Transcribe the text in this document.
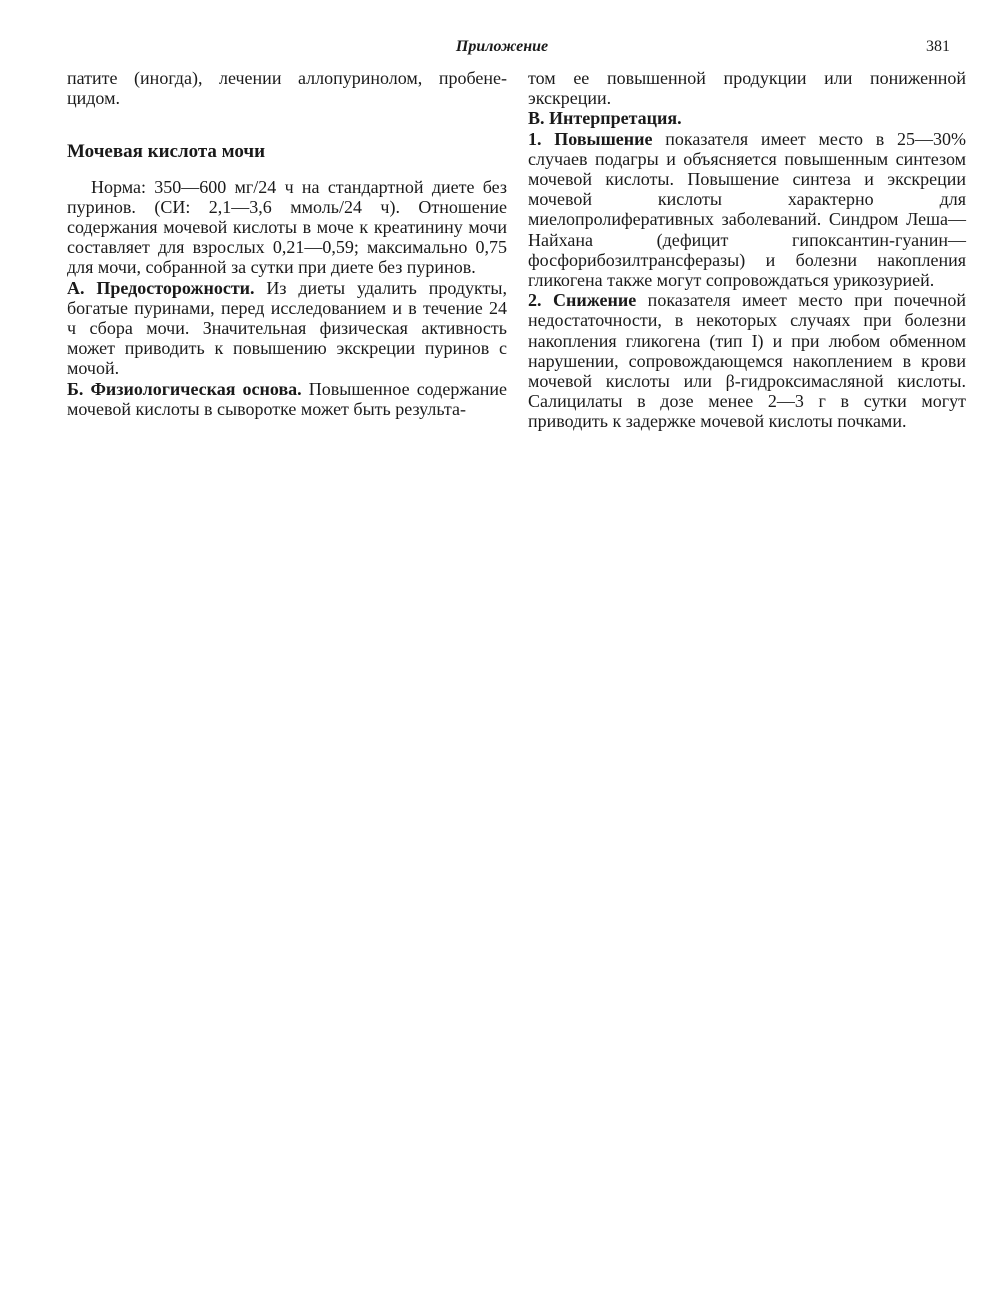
Приложение	381

патите (иногда), лечении аллопуринолом, пробене-цидом.

Мочевая кислота мочи

Норма: 350—600 мг/24 ч на стандартной диете без пуринов. (СИ: 2,1—3,6 ммоль/24 ч). Отношение содержания мочевой кислоты в моче к креатинину мочи составляет для взрослых 0,21—0,59; максимально 0,75 для мочи, собранной за сутки при диете без пуринов.

А. Предосторожности. Из диеты удалить продукты, богатые пуринами, перед исследованием и в течение 24 ч сбора мочи. Значительная физическая активность может приводить к повышению экскреции пуринов с мочой.

Б. Физиологическая основа. Повышенное содержание мочевой кислоты в сыворотке может быть результа-

том ее повышенной продукции или пониженной экскреции.

В. Интерпретация.

1. Повышение показателя имеет место в 25—30% случаев подагры и объясняется повышенным синтезом мочевой кислоты. Повышение синтеза и экскреции мочевой кислоты характерно для миелопролиферативных заболеваний. Синдром Леша—Найхана (дефицит гипоксантин-гуанин—фосфорибозилтрансферазы) и болезни накопления гликогена также могут сопровождаться урикозурией.

2. Снижение показателя имеет место при почечной недостаточности, в некоторых случаях при болезни накопления гликогена (тип I) и при любом обменном нарушении, сопровождающемся накоплением в крови мочевой кислоты или β-гидроксимасляной кислоты. Салицилаты в дозе менее 2—3 г в сутки могут приводить к задержке мочевой кислоты почками.
